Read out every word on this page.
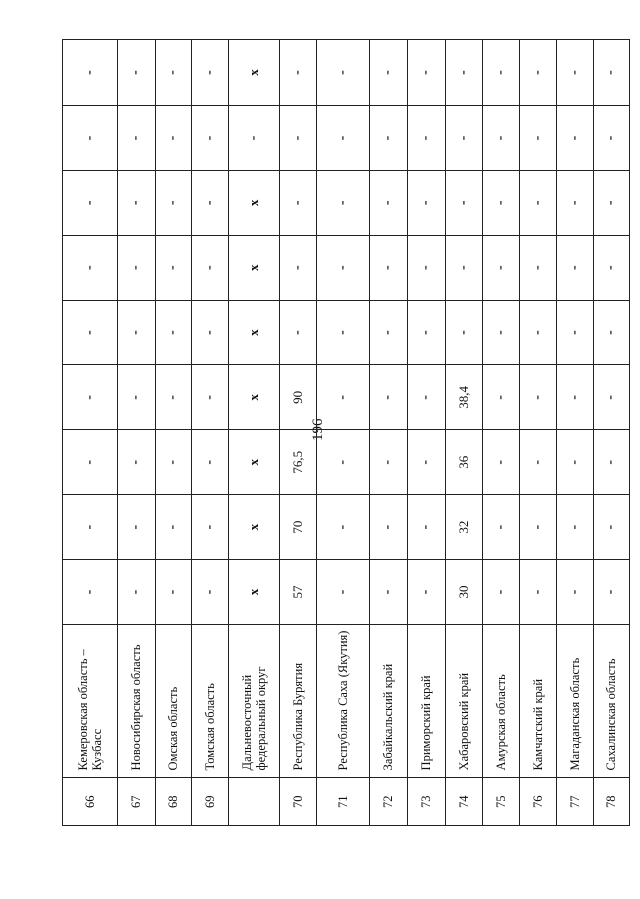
196
66	Кемеровская область – Кузбасс	-	-	-	-	-	-	-	-	-
67	Новосибирская область	-	-	-	-	-	-	-	-	-
68	Омская область	-	-	-	-	-	-	-	-	-
69	Томская область	-	-	-	-	-	-	-	-	-
	Дальневосточный федеральный округ	x	x	x	x	x	x	x	-	x
70	Республика Бурятия	57	70	76,5	90	-	-	-	-	-
71	Республика Саха (Якутия)	-	-	-	-	-	-	-	-	-
72	Забайкальский край	-	-	-	-	-	-	-	-	-
73	Приморский край	-	-	-	-	-	-	-	-	-
74	Хабаровский край	30	32	36	38,4	-	-	-	-	-
75	Амурская область	-	-	-	-	-	-	-	-	-
76	Камчатский край	-	-	-	-	-	-	-	-	-
77	Магаданская область	-	-	-	-	-	-	-	-	-
78	Сахалинская область	-	-	-	-	-	-	-	-	-
